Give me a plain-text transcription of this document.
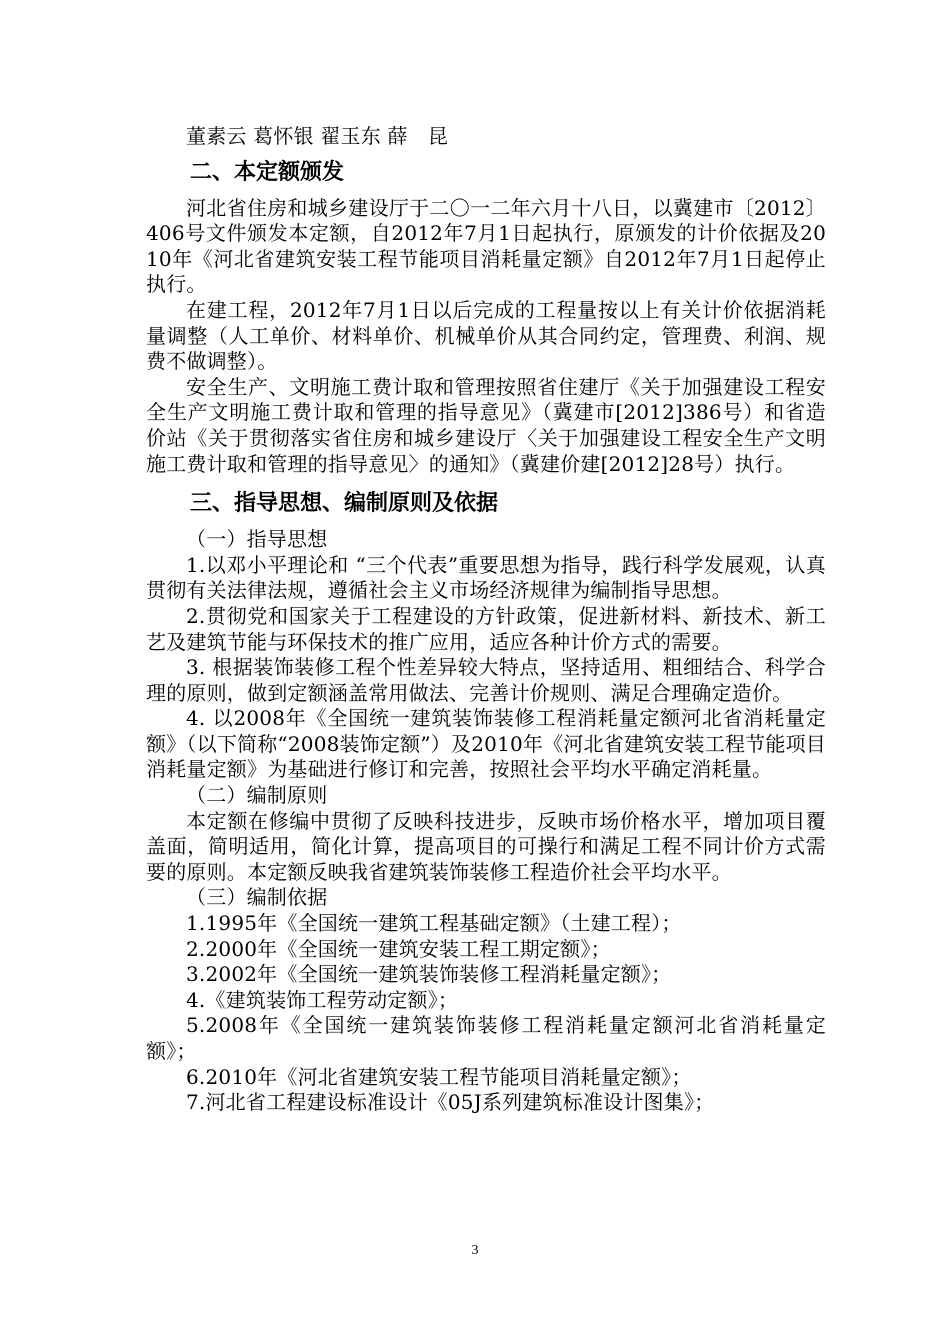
董素云 葛怀银 翟玉东 薛　昆

二、本定额颁发

河北省住房和城乡建设厅于二〇一二年六月十八日，以冀建市〔2012〕406号文件颁发本定额，自2012年7月1日起执行，原颁发的计价依据及2010年《河北省建筑安装工程节能项目消耗量定额》自2012年7月1日起停止执行。

在建工程，2012年7月1日以后完成的工程量按以上有关计价依据消耗量调整（人工单价、材料单价、机械单价从其合同约定，管理费、利润、规费不做调整）。

安全生产、文明施工费计取和管理按照省住建厅《关于加强建设工程安全生产文明施工费计取和管理的指导意见》（冀建市[2012]386号）和省造价站《关于贯彻落实省住房和城乡建设厅〈关于加强建设工程安全生产文明施工费计取和管理的指导意见〉的通知》（冀建价建[2012]28号）执行。

三、指导思想、编制原则及依据

（一）指导思想

1.以邓小平理论和 “三个代表”重要思想为指导，践行科学发展观，认真贯彻有关法律法规，遵循社会主义市场经济规律为编制指导思想。

2.贯彻党和国家关于工程建设的方针政策，促进新材料、新技术、新工艺及建筑节能与环保技术的推广应用，适应各种计价方式的需要。

3. 根据装饰装修工程个性差异较大特点，坚持适用、粗细结合、科学合理的原则，做到定额涵盖常用做法、完善计价规则、满足合理确定造价。

4. 以2008年《全国统一建筑装饰装修工程消耗量定额河北省消耗量定额》（以下简称“2008装饰定额”）及2010年《河北省建筑安装工程节能项目消耗量定额》为基础进行修订和完善，按照社会平均水平确定消耗量。

（二）编制原则

本定额在修编中贯彻了反映科技进步，反映市场价格水平，增加项目覆盖面，简明适用，简化计算，提高项目的可操行和满足工程不同计价方式需要的原则。本定额反映我省建筑装饰装修工程造价社会平均水平。

（三）编制依据

1.1995年《全国统一建筑工程基础定额》（土建工程）；

2.2000年《全国统一建筑安装工程工期定额》；

3.2002年《全国统一建筑装饰装修工程消耗量定额》；

4.《建筑装饰工程劳动定额》；

5.2008年《全国统一建筑装饰装修工程消耗量定额河北省消耗量定额》；

6.2010年《河北省建筑安装工程节能项目消耗量定额》；

7.河北省工程建设标准设计《05J系列建筑标准设计图集》；

3
